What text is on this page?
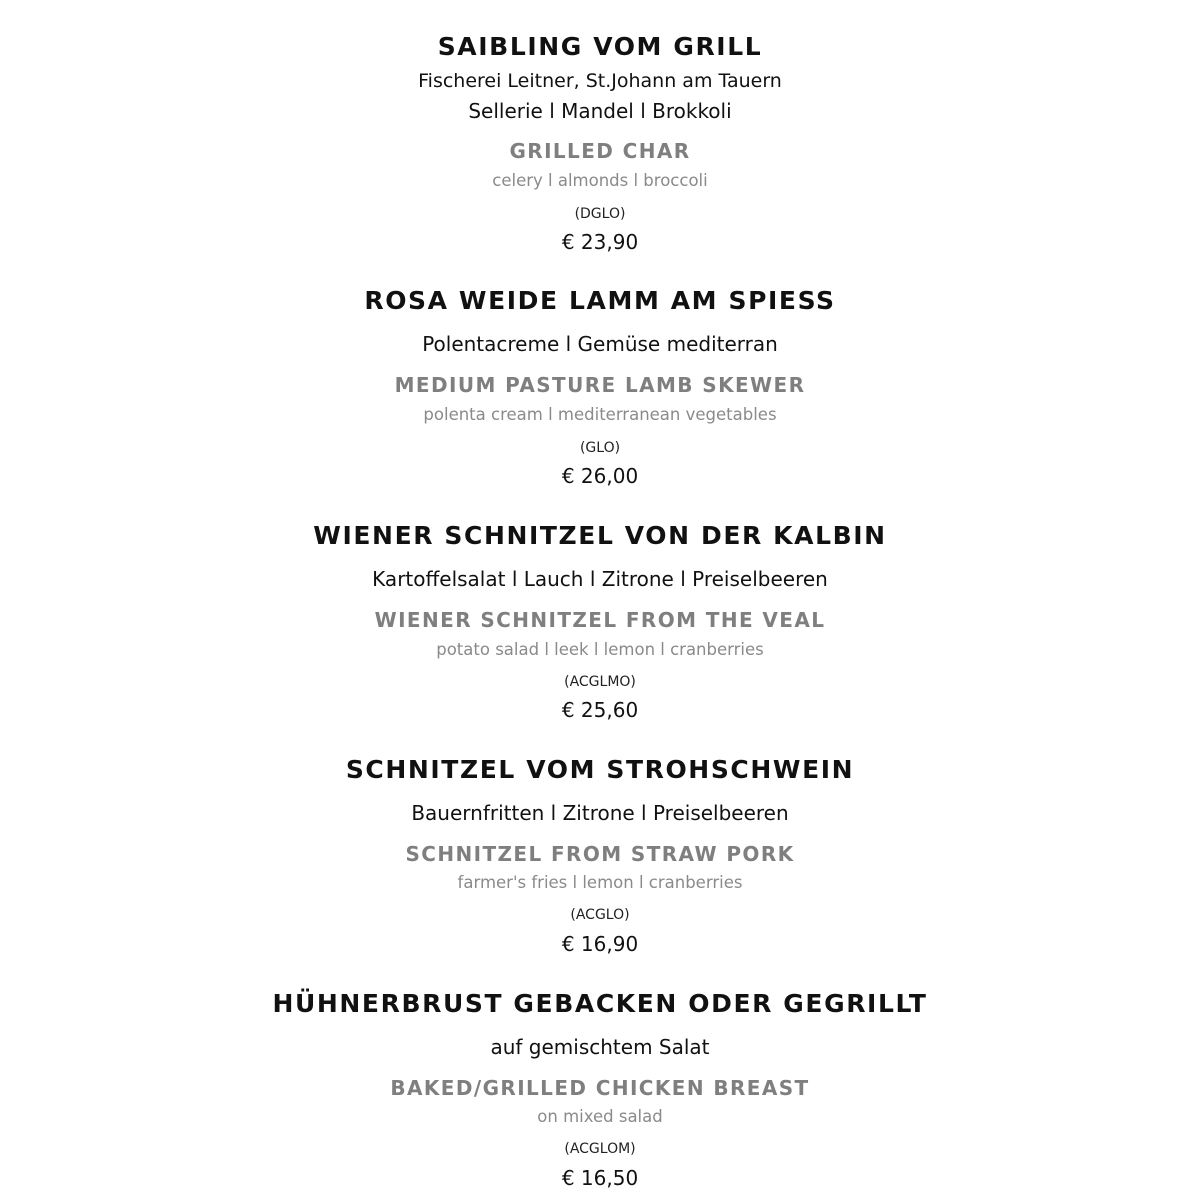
SAIBLING VOM GRILL
Fischerei Leitner, St.Johann am Tauern
Sellerie l Mandel l Brokkoli
GRILLED CHAR
celery l almonds l broccoli
(DGLO)
€ 23,90
ROSA WEIDE LAMM AM SPIESS
Polentacreme l Gemüse mediterran
MEDIUM PASTURE LAMB SKEWER
polenta cream l mediterranean vegetables
(GLO)
€ 26,00
WIENER SCHNITZEL VON DER KALBIN
Kartoffelsalat l Lauch l Zitrone l Preiselbeeren
WIENER SCHNITZEL FROM THE VEAL
potato salad l leek l lemon l cranberries
(ACGLMO)
€ 25,60
SCHNITZEL VOM STROHSCHWEIN
Bauernfritten l Zitrone l Preiselbeeren
SCHNITZEL FROM STRAW PORK
farmer's fries l lemon l cranberries
(ACGLO)
€ 16,90
HÜHNERBRUST GEBACKEN ODER GEGRILLT
auf gemischtem Salat
BAKED/GRILLED CHICKEN BREAST
on mixed salad
(ACGLOM)
€ 16,50
